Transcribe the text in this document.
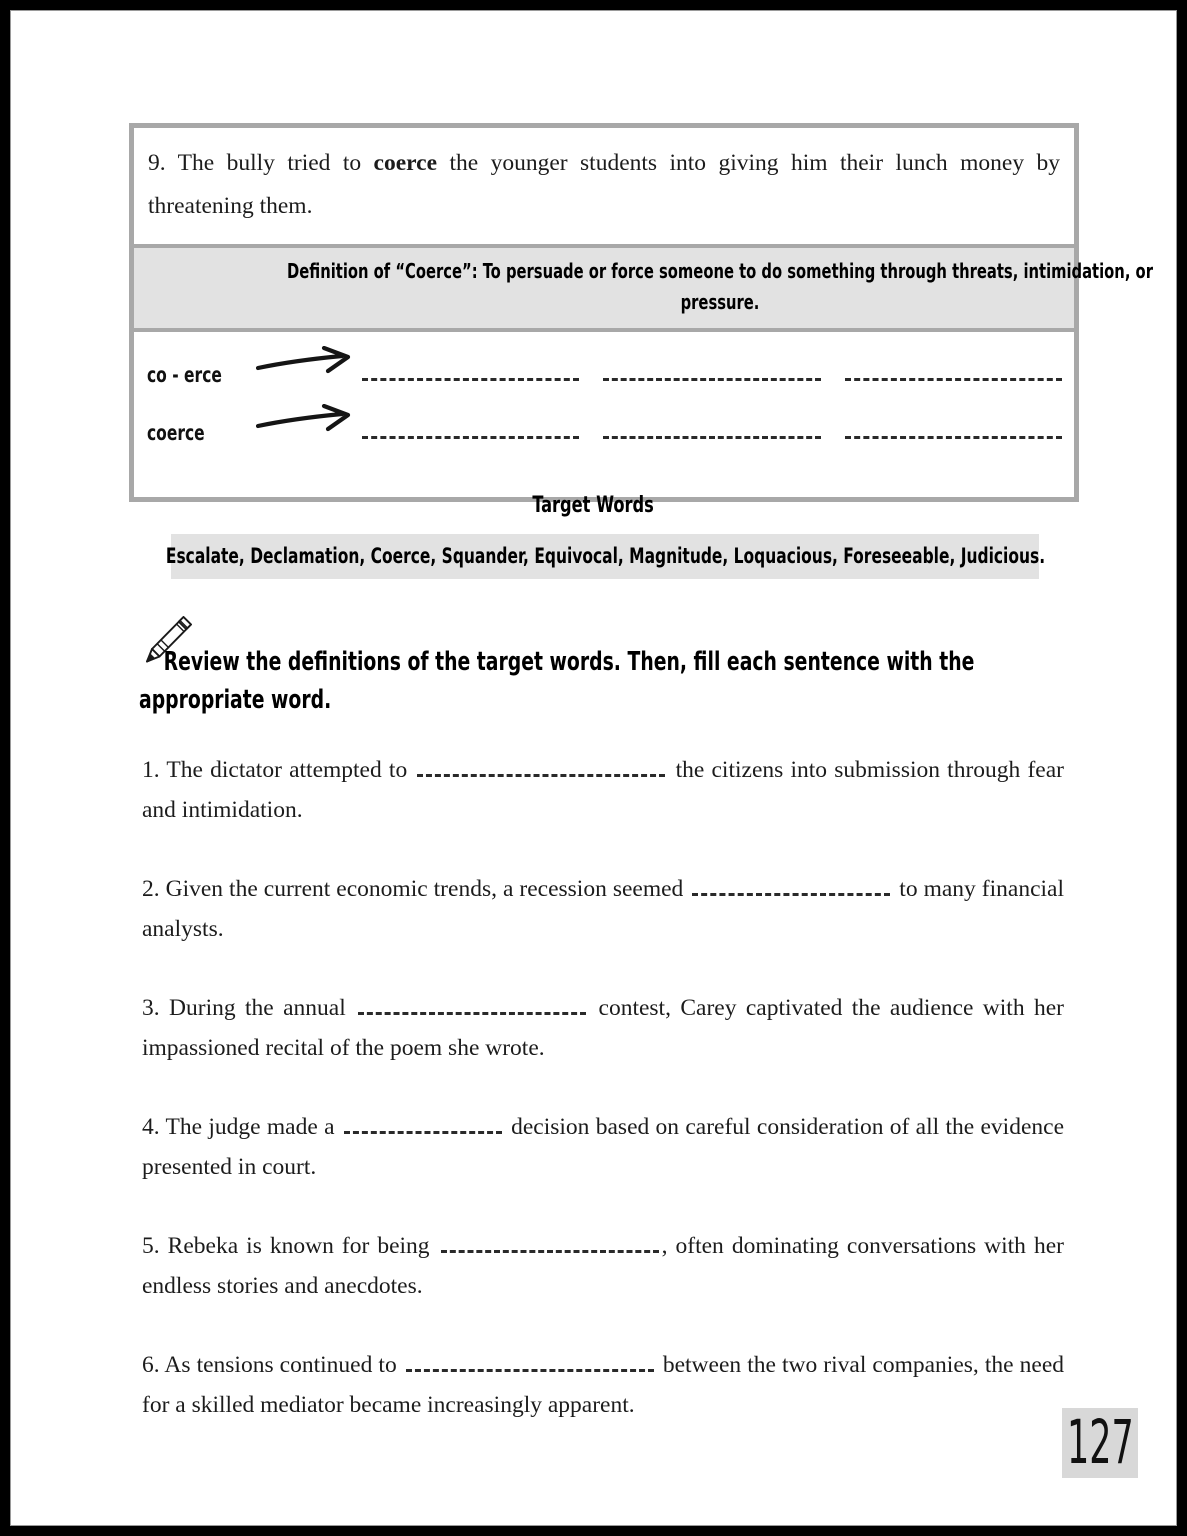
9. The bully tried to coerce the younger students into giving him their lunch money by threatening them.
Definition of “Coerce”: To persuade or force someone to do something through threats, intimidation, or pressure.
co - erce
coerce
Target Words
Escalate, Declamation, Coerce, Squander, Equivocal, Magnitude, Loquacious, Foreseeable, Judicious.

Review the definitions of the target words. Then, fill each sentence with the appropriate word.

1. The dictator attempted to	the citizens into submission through fear and intimidation.
2. Given the current economic trends, a recession seemed	to many financial analysts.
3. During the annual	contest, Carey captivated the audience with her impassioned recital of the poem she wrote.
4. The judge made a	decision based on careful consideration of all the evidence presented in court.
5. Rebeka is known for being	, often dominating conversations with her endless stories and anecdotes.
6. As tensions continued to	between the two rival companies, the need for a skilled mediator became increasingly apparent.
127
